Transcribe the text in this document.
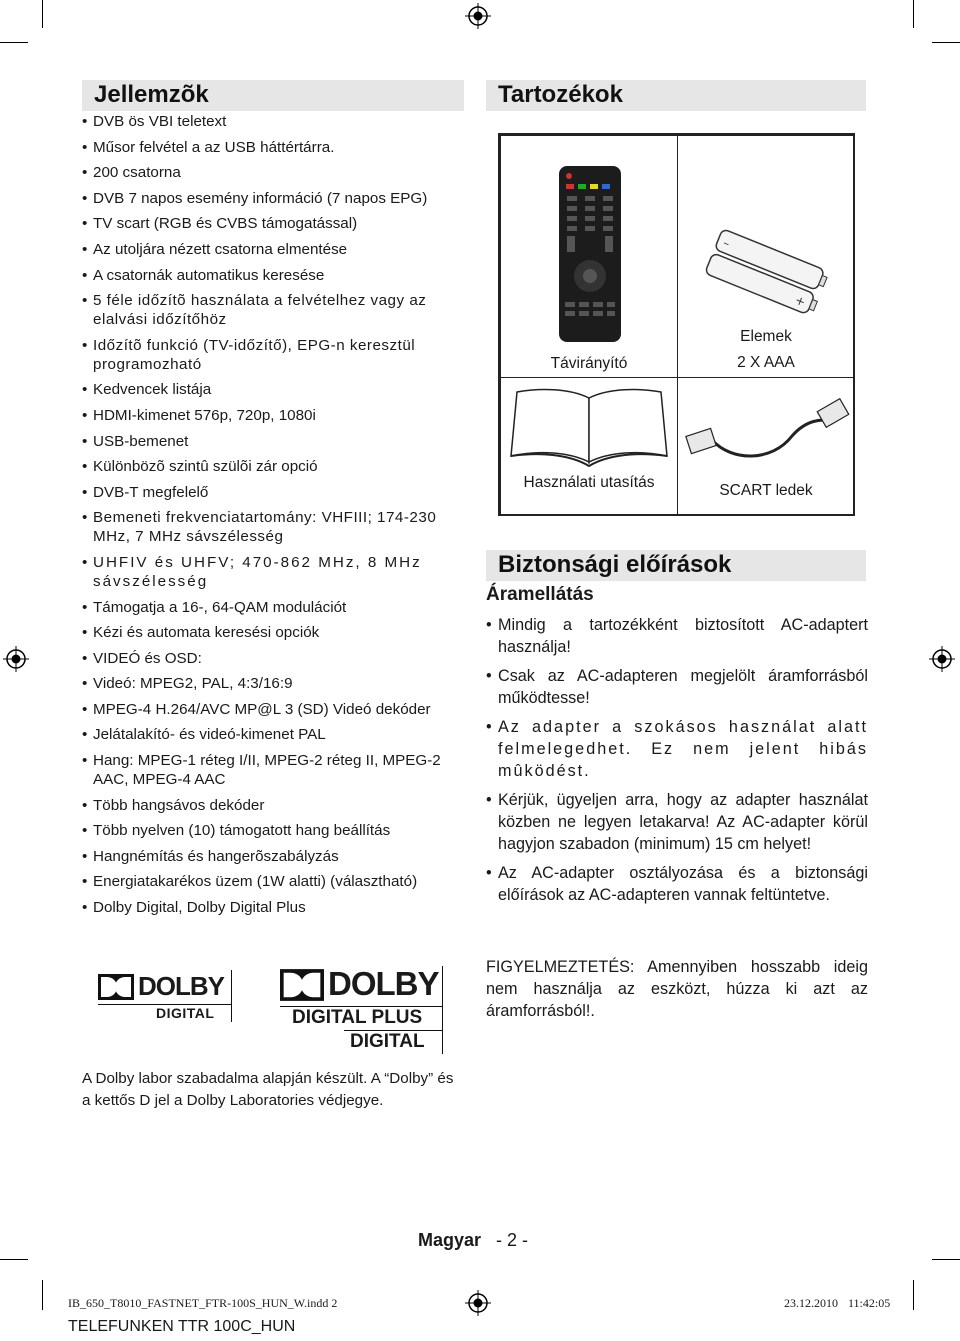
Jellemzõk
• DVB ös VBI teletext
• Műsor felvétel a az USB háttértárra.
• 200 csatorna
• DVB 7 napos esemény információ (7 napos EPG)
• TV scart (RGB és CVBS támogatással)
• Az utoljára nézett csatorna elmentése
• A csatornák automatikus keresése
• 5 féle időzítõ használata a felvételhez vagy az elalvási időzítőhöz
• Időzítõ funkció (TV-időzítő), EPG-n keresztül programozható
• Kedvencek listája
• HDMI-kimenet 576p, 720p, 1080i
• USB-bemenet
• Különbözõ szintû szülõi zár opció
• DVB-T megfelelő
• Bemeneti frekvenciatartomány: VHFIII; 174-230 MHz, 7 MHz sávszélesség
• UHFIV és UHFV; 470-862 MHz, 8 MHz sávszélesség
• Támogatja a 16-, 64-QAM modulációt
• Kézi és automata keresési opciók
• VIDEÓ és OSD:
• Videó: MPEG2, PAL, 4:3/16:9
• MPEG-4 H.264/AVC MP@L 3 (SD) Videó dekóder
• Jelátalakító- és videó-kimenet PAL
• Hang: MPEG-1 réteg I/II, MPEG-2 réteg II, MPEG-2 AAC, MPEG-4 AAC
• Több hangsávos dekóder
• Több nyelven (10) támogatott hang beállítás
• Hangnémítás és hangerõszabályzás
• Energiatakarékos üzem (1W alatti) (választható)
• Dolby Digital, Dolby Digital Plus
DOLBY
DIGITAL
DOLBY
DIGITAL PLUS
DIGITAL
A Dolby labor szabadalma alapján készült. A “Dolby” és a kettős D jel a Dolby Laboratories védjegye.
Tartozékok
Távirányító
–
+
Elemek
2 X AAA
Használati utasítás	SCART ledek
Biztonsági előírások
Áramellátás
• Mindig a tartozékként biztosított AC-adaptert használja!
• Csak az AC-adapteren megjelölt áramforrásból működtesse!
• Az adapter a szokásos használat alatt felmelegedhet. Ez nem jelent hibás mûködést.
• Kérjük, ügyeljen arra, hogy az adapter használat közben ne legyen letakarva! Az AC-adapter körül hagyjon szabadon (minimum) 15 cm helyet!
• Az AC-adapter osztályozása és a biztonsági előírások az AC-adapteren vannak feltüntetve.
FIGYELMEZTETÉS: Amennyiben hosszabb ideig nem használja az eszközt, húzza ki azt az áramforrásból!.
Magyar - 2 -
IB_650_T8010_FASTNET_FTR-100S_HUN_W.indd 2	23.12.2010 11:42:05
TELEFUNKEN TTR 100C_HUN
